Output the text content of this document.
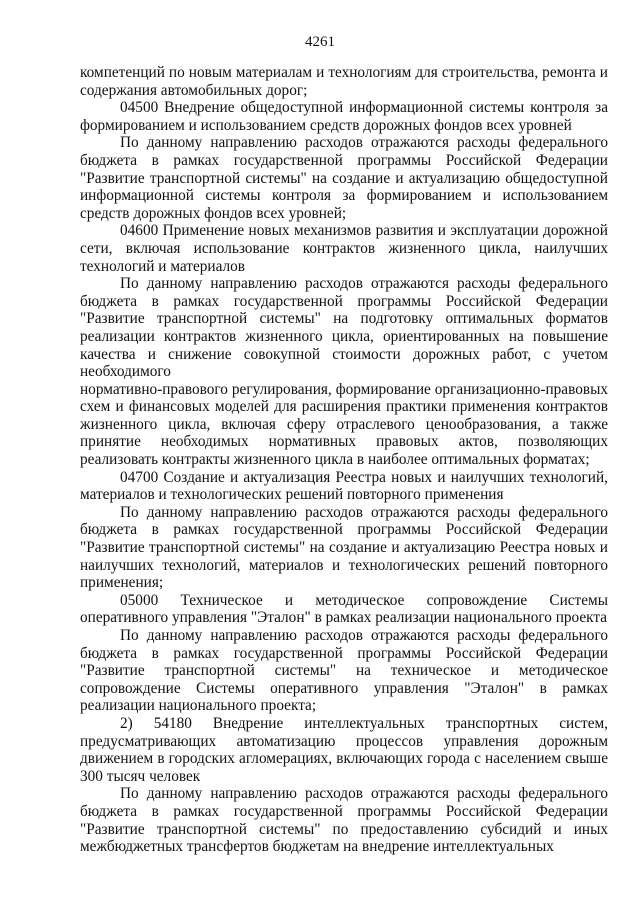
4261

компетенций по новым материалам и технологиям для строительства, ремонта и содержания автомобильных дорог;

04500 Внедрение общедоступной информационной системы контроля за формированием и использованием средств дорожных фондов всех уровней

По данному направлению расходов отражаются расходы федерального бюджета в рамках государственной программы Российской Федерации "Развитие транспортной системы" на создание и актуализацию общедоступной информационной системы контроля за формированием и использованием средств дорожных фондов всех уровней;

04600 Применение новых механизмов развития и эксплуатации дорожной сети, включая использование контрактов жизненного цикла, наилучших технологий и материалов

По данному направлению расходов отражаются расходы федерального бюджета в рамках государственной программы Российской Федерации "Развитие транспортной системы" на подготовку оптимальных форматов реализации контрактов жизненного цикла, ориентированных на повышение качества и снижение совокупной стоимости дорожных работ, с учетом необходимого

нормативно-правового регулирования, формирование организационно-правовых схем и финансовых моделей для расширения практики применения контрактов жизненного цикла, включая сферу отраслевого ценообразования, а также принятие необходимых нормативных правовых актов, позволяющих реализовать контракты жизненного цикла в наиболее оптимальных форматах;

04700 Создание и актуализация Реестра новых и наилучших технологий, материалов и технологических решений повторного применения

По данному направлению расходов отражаются расходы федерального бюджета в рамках государственной программы Российской Федерации "Развитие транспортной системы" на создание и актуализацию Реестра новых и наилучших технологий, материалов и технологических решений повторного применения;

05000 Техническое и методическое сопровождение Системы оперативного управления "Эталон" в рамках реализации национального проекта

По данному направлению расходов отражаются расходы федерального бюджета в рамках государственной программы Российской Федерации "Развитие транспортной системы" на техническое и методическое сопровождение Системы оперативного управления "Эталон" в рамках реализации национального проекта;

2) 54180 Внедрение интеллектуальных транспортных систем, предусматривающих автоматизацию процессов управления дорожным движением в городских агломерациях, включающих города с населением свыше 300 тысяч человек

По данному направлению расходов отражаются расходы федерального бюджета в рамках государственной программы Российской Федерации "Развитие транспортной системы" по предоставлению субсидий и иных межбюджетных трансфертов бюджетам на внедрение интеллектуальных
